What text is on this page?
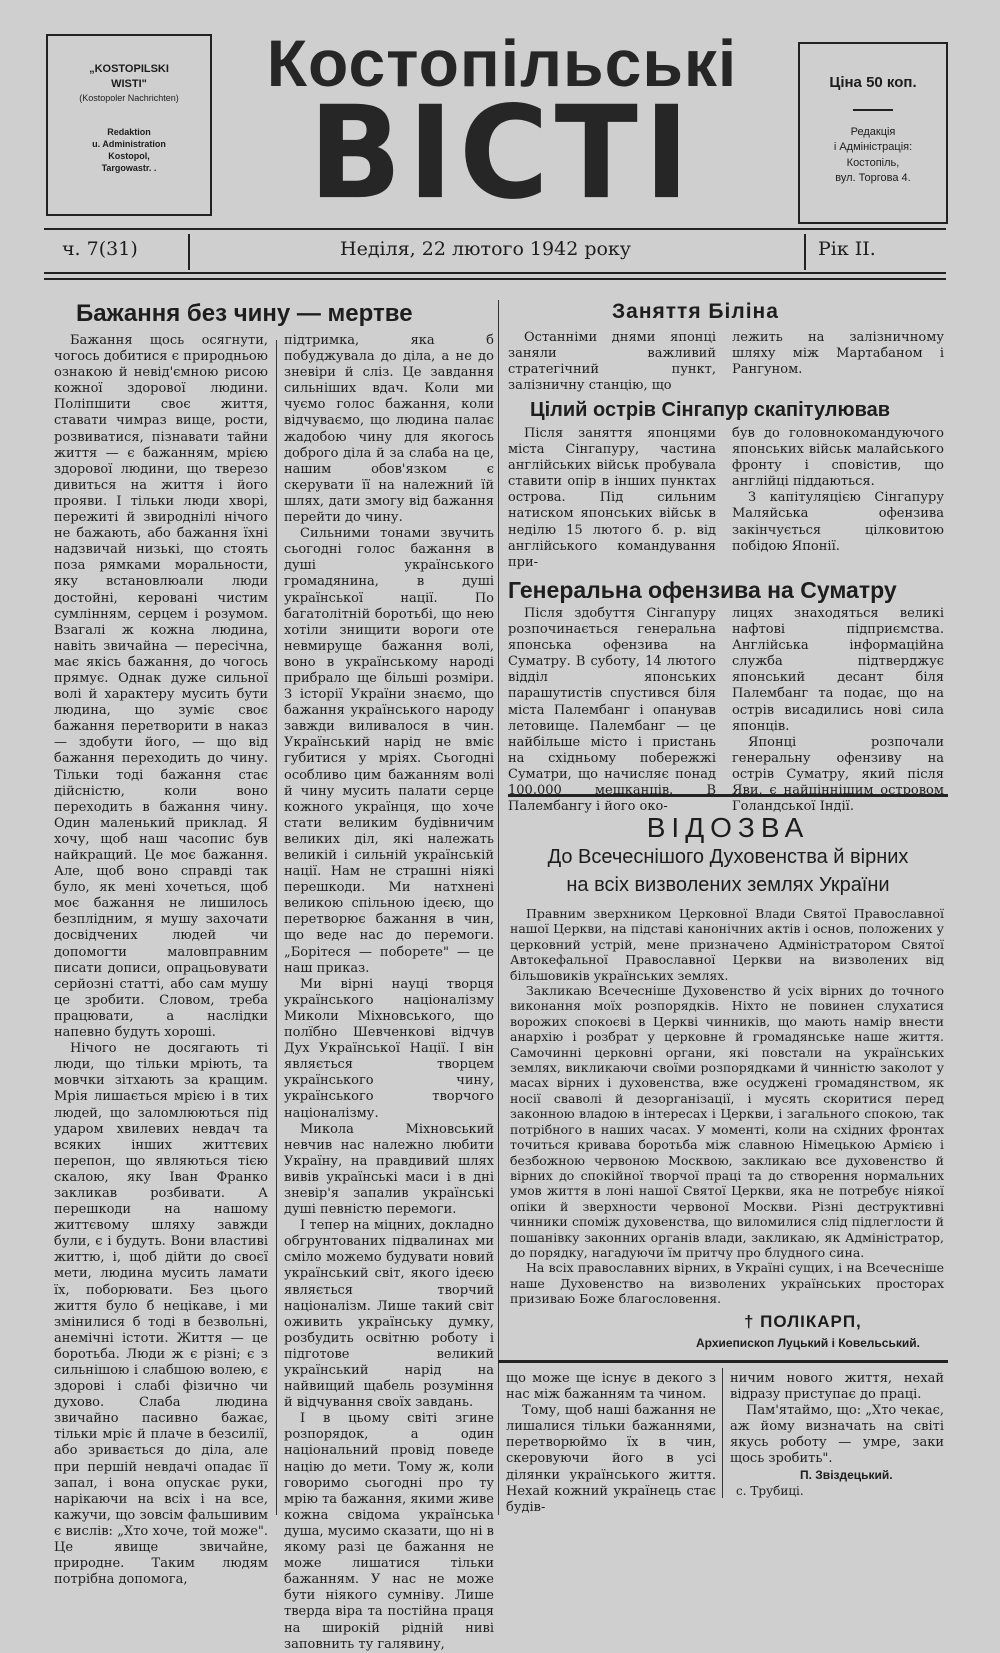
„KOSTOPILSKI
WISTI"
(Kostopoler Nachrichten)
Redaktion
u. Administration
Kostopol,
Targowastr. .
Костопільські
ВІСТІ	Ціна 50 коп.
Редакція
і Адміністрація:
Костопіль,
вул. Торгова 4.
ч. 7(31)	Неділя, 22 лютого 1942 року	Рік II.
Бажання без чину — мертве

Бажання щось осягнути, чогось добитися є природньою ознакою й невід'ємною рисою кожної здорової людини. Поліпшити своє життя, ставати чимраз вище, рости, розвиватися, пізнавати тайни життя — є бажанням, мрією здорової людини, що тверезо дивиться на життя і його прояви. І тільки люди хворі, пережиті й звироднілі нічого не бажають, або бажання їхні надзвичай низькі, що стоять поза рямками моральности, яку встановлюали люди достойні, керовані чистим сумлінням, серцем і розумом. Взагалі ж кожна людина, навіть звичайна — пересічна, має якісь бажання, до чогось прямує. Однак дуже сильної волі й характеру мусить бути людина, що зуміє своє бажання перетворити в наказ — здобути його, — що від бажання переходить до чину. Тільки тоді бажання стає дійсністю, коли воно переходить в бажання чину. Один маленький приклад. Я хочу, щоб наш часопис був найкращий. Це моє бажання. Але, щоб воно справді так було, як мені хочеться, щоб моє бажання не лишилось безплідним, я мушу захочати досвідчених людей чи допомогти маловправним писати дописи, опрацьовувати серйозні статті, або сам мушу це зробити. Словом, треба працювати, а наслідки напевно будуть хороші.

Нічого не досягають ті люди, що тільки мріють, та мовчки зітхають за кращим. Мрія лишається мрією і в тих людей, що заломлюються під ударом хвилевих невдач та всяких інших життєвих перепон, що являються тією скалою, яку Іван Франко закликав розбивати. А перешкоди на нашому життєвому шляху завжди були, є і будуть. Вони властиві життю, і, щоб дійти до своєї мети, людина мусить ламати їх, поборювати. Без цього життя було б нецікаве, і ми змінилися б тоді в безвольні, анемічні істоти. Життя — це боротьба. Люди ж є різні; є з сильнішою і слабшою волею, є здорові і слабі фізично чи духово. Слаба людина звичайно пасивно бажає, тільки мріє й плаче в безсилії, або зривається до діла, але при першій невдачі опадає її запал, і вона опускає руки, нарікаючи на всіх і на все, кажучи, що зовсім фальшивим є вислів: „Хто хоче, той може". Це явище звичайне, природне. Таким людям потрібна допомога,

підтримка, яка б побуджувала до діла, а не до зневіри й сліз. Це завдання сильніших вдач. Коли ми чуємо голос бажання, коли відчуваємо, що людина палає жадобою чину для якогось доброго діла й за слаба на це, нашим обов'язком є скерувати її на належний їй шлях, дати змогу від бажання перейти до чину.

Сильними тонами звучить сьогодні голос бажання в душі українського громадянина, в душі української нації. По багатолітній боротьбі, що нею хотіли знищити вороги оте невмируще бажання волі, воно в українському народі прибрало ще більші розміри. З історії України знаємо, що бажання українського народу завжди виливалося в чин. Український нарід не вміє губитися у мріях. Сьогодні особливо цим бажанням волі й чину мусить палати серце кожного українця, що хоче стати великим будівничим великих діл, які належать великій і сильній українській нації. Нам не страшні ніякі перешкоди. Ми натхнені великою спільною ідеєю, що перетворює бажання в чин, що веде нас до перемоги. „Борітеся — поборете" — це наш приказ.

Ми вірні науці творця українського націоналізму Миколи Міхновського, що полїбно Шевченкові відчув Дух Української Нації. І він являється творцем українського чину, українського творчого націоналізму.

Микола Міхновський невчив нас належно любити Україну, на правдивий шлях вивів українські маси і в дні зневір'я запалив українські душі певністю перемоги.

І тепер на міцних, докладно обгрунтованих підвалинах ми сміло можемо будувати новий український світ, якого ідеєю являється творчий націоналізм. Лише такий світ оживить українську думку, розбудить освітню роботу і підготове великий український нарід на найвищий щабель розуміння й відчування своїх завдань.

І в цьому світі згине розпорядок, а один національний провід поведе націю до мети. Тому ж, коли говоримо сьогодні про ту мрію та бажання, якими живе кожна свідома українська душа, мусимо сказати, що ні в якому разі це бажання не може лишатися тільки бажанням. У нас не може бути ніякого сумніву. Лише тверда віра та постійна праця на широкій рідній ниві заповнить ту галявину,

Заняття Біліна

Останніми днями японці заняли важливий стратегічний пункт, залізничну станцію, що

лежить на залізничному шляху між Мартабаном і Рангуном.

Цілий острів Сінгапур скапітулював

Після заняття японцями міста Сінгапуру, частина англійських військ пробувала ставити опір в інших пунктах острова. Під сильним натиском японських військ в неділю 15 лютого б. р. від англійського командування при-

був до головнокомандуючого японських військ малайського фронту і сповістив, що англійці піддаються.

З капітуляцією Сінгапуру Маляйська офензива закінчується цілковитою побідою Японії.

Генеральна офензива на Суматру

Після здобуття Сінгапуру розпочинається генеральна японська офензива на Суматру. В суботу, 14 лютого відділ японських парашутистів спустився біля міста Палембанг і опанував летовище. Палембанг — це найбільше місто і пристань на східньому побережжі Суматри, що начисляє понад 100.000 мешканців. В Палембангу і його око-

лицях знаходяться великі нафтові підприємства. Англійська інформаційна служба підтверджує японський десант біля Палембанг та подає, що на острів висадились нові сила японців.

Японці розпочали генеральну офензиву на острів Суматру, який після Яви, є найціннішим островом Голандської Індії.

ВІДОЗВА
До Всечеснішого Духовенства й вірних
на всіх визволених землях України

Правним зверхником Церковної Влади Святої Православної нашої Церкви, на підставі канонічних актів і основ, положених у церковний устрій, мене призначено Адміністратором Святої Автокефальної Православної Церкви на визволених від більшовиків українських землях.

Закликаю Всечесніше Духовенство й усіх вірних до точного виконання моїх розпорядків. Ніхто не повинен слухатися ворожих спокоєві в Церкві чинників, що мають намір внести анархію і розбрат у церковне й громадянське наше життя. Самочинні церковні органи, які повстали на українських землях, викликаючи своїми розпорядками й чинністю заколот у масах вірних і духовенства, вже осуджені громадянством, як носії сваволі й дезорганізації, і мусять скоритися перед законною владою в інтересах і Церкви, і загального спокою, так потрібного в наших часах. У моменті, коли на східних фронтах точиться кривава боротьба між славною Німецькою Армією і безбожною червоною Москвою, закликаю все духовенство й вірних до спокійної творчої праці та до створення нормальних умов життя в лоні нашої Святої Церкви, яка не потребує ніякої опіки й зверхности червоної Москви. Різні деструктивні чинники споміж духовенства, що виломилися слід підлеглости й пошанівку законних органів влади, закликаю, як Адміністратор, до порядку, нагадуючи їм притчу про блудного сина.

На всіх православних вірних, в Україні сущих, і на Всечесніше наше Духовенство на визволених українських просторах призиваю Боже благословення.

† ПОЛІКАРП,
Архиепископ Луцький і Ковельський.

що може ще існує в декого з нас між бажанням та чином.

Тому, щоб наші бажання не лишалися тільки бажаннями, перетворюймо їх в чин, скеровуючи його в усі ділянки українського життя. Нехай кожний українець стає будів-

ничим нового життя, нехай відразу приступає до праці.

Пам'ятаймо, що: „Хто чекає, аж йому визначать на світі якусь роботу — умре, заки щось зробить".

П. Звіздецький.
с. Трубиці.
